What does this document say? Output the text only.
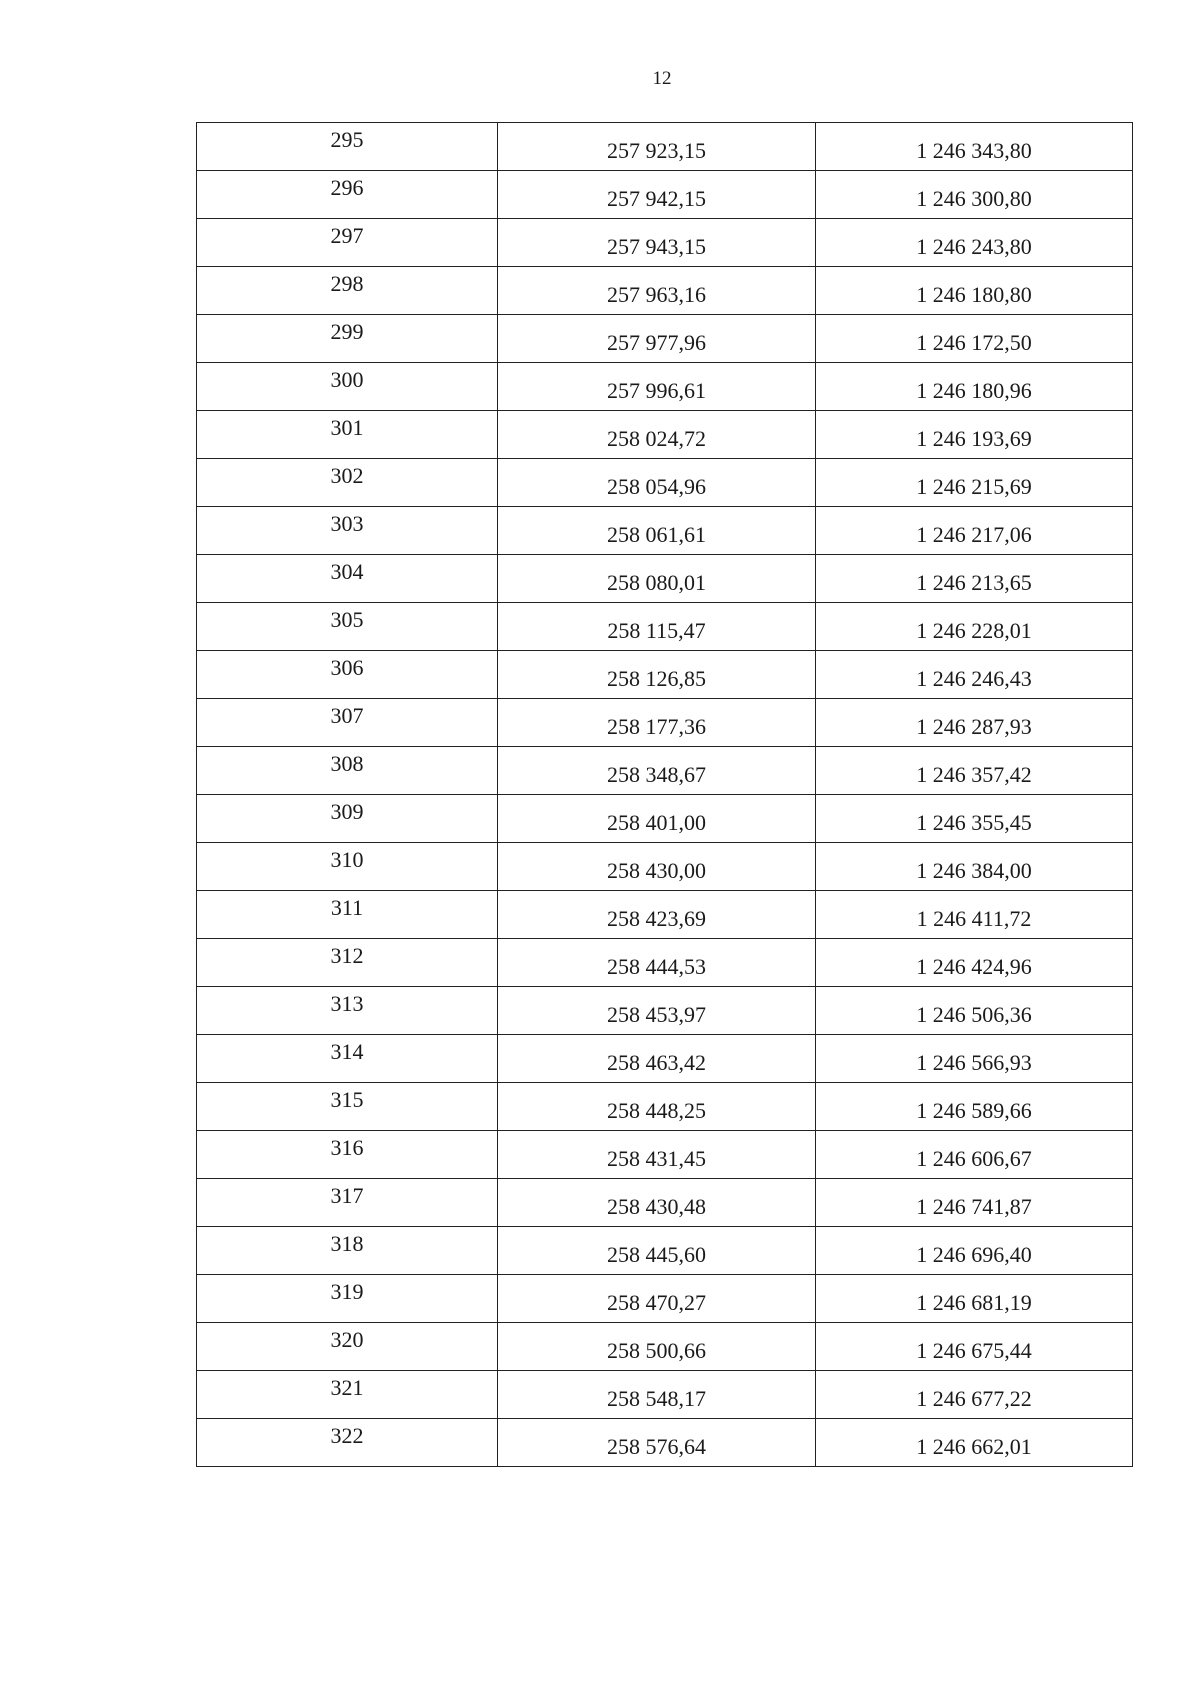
12
295	257 923,15	1 246 343,80
296	257 942,15	1 246 300,80
297	257 943,15	1 246 243,80
298	257 963,16	1 246 180,80
299	257 977,96	1 246 172,50
300	257 996,61	1 246 180,96
301	258 024,72	1 246 193,69
302	258 054,96	1 246 215,69
303	258 061,61	1 246 217,06
304	258 080,01	1 246 213,65
305	258 115,47	1 246 228,01
306	258 126,85	1 246 246,43
307	258 177,36	1 246 287,93
308	258 348,67	1 246 357,42
309	258 401,00	1 246 355,45
310	258 430,00	1 246 384,00
311	258 423,69	1 246 411,72
312	258 444,53	1 246 424,96
313	258 453,97	1 246 506,36
314	258 463,42	1 246 566,93
315	258 448,25	1 246 589,66
316	258 431,45	1 246 606,67
317	258 430,48	1 246 741,87
318	258 445,60	1 246 696,40
319	258 470,27	1 246 681,19
320	258 500,66	1 246 675,44
321	258 548,17	1 246 677,22
322	258 576,64	1 246 662,01
